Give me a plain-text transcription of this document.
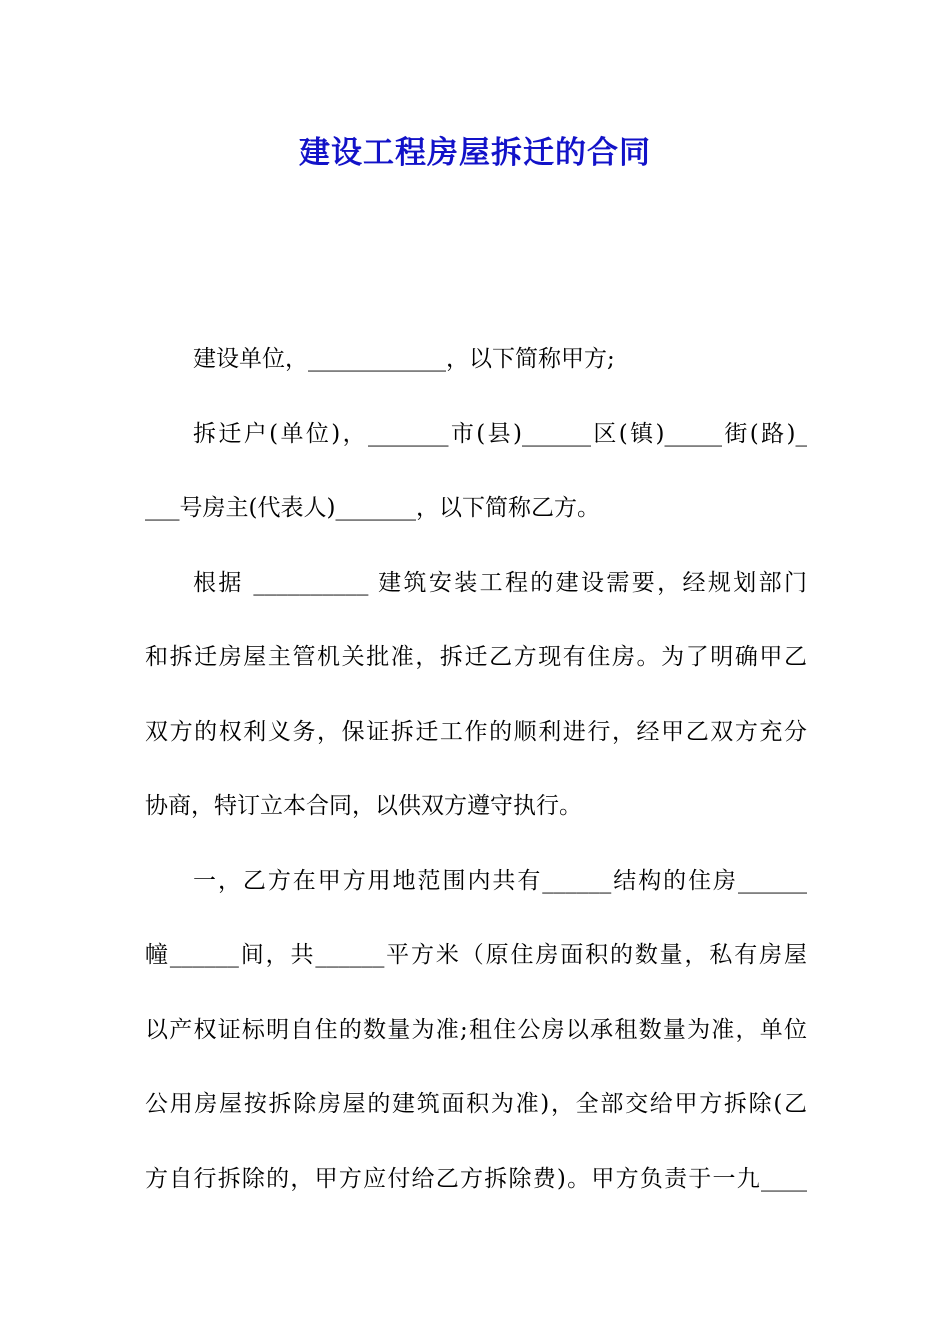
建设工程房屋拆迁的合同
建设单位，____________，以下简称甲方;
拆迁户(单位)，_______市(县)______区(镇)_____街(路)_
___号房主(代表人)_______，以下简称乙方。
根据 __________ 建筑安装工程的建设需要，经规划部门
和拆迁房屋主管机关批准，拆迁乙方现有住房。为了明确甲乙
双方的权利义务，保证拆迁工作的顺利进行，经甲乙双方充分
协商，特订立本合同，以供双方遵守执行。
一，乙方在甲方用地范围内共有______结构的住房______
幢______间，共______平方米（原住房面积的数量，私有房屋
以产权证标明自住的数量为准;租住公房以承租数量为准，单位
公用房屋按拆除房屋的建筑面积为准)，全部交给甲方拆除(乙
方自行拆除的，甲方应付给乙方拆除费)。甲方负责于一九____
